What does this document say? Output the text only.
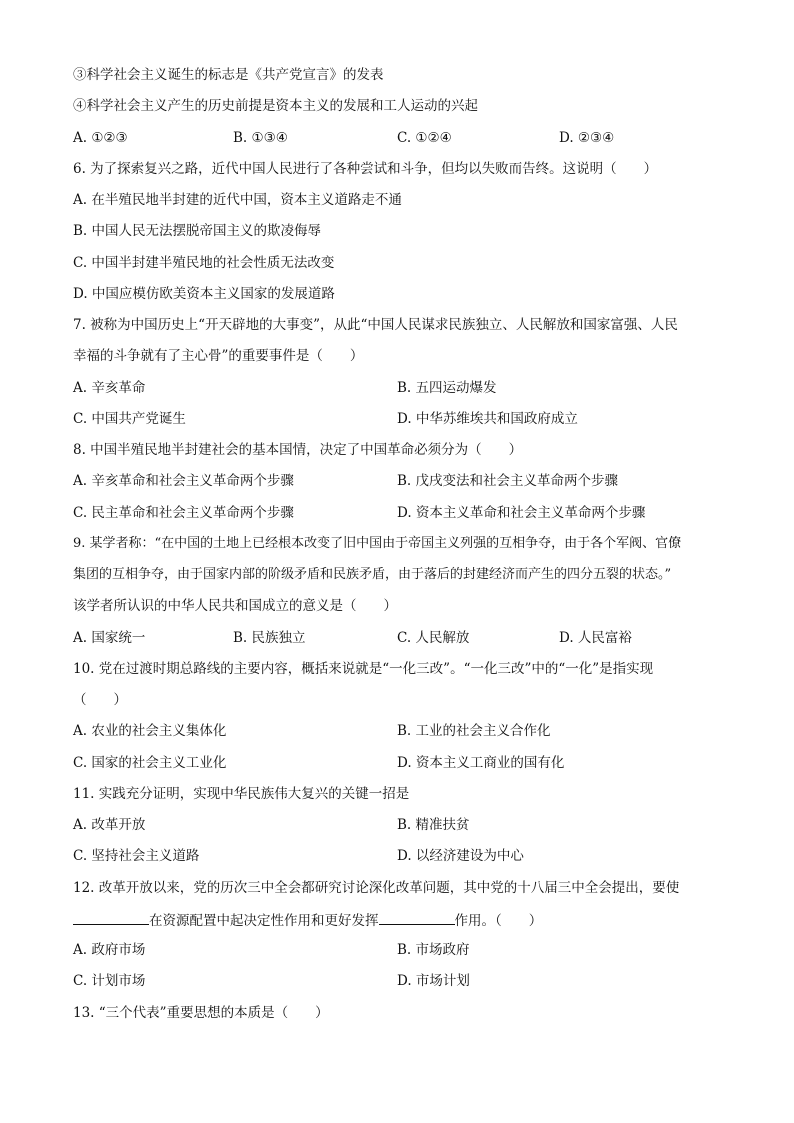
③科学社会主义诞生的标志是《共产党宣言》的发表
④科学社会主义产生的历史前提是资本主义的发展和工人运动的兴起
A. ①②③	B. ①③④	C. ①②④	D. ②③④
6. 为了探索复兴之路，近代中国人民进行了各种尝试和斗争，但均以失败而告终。这说明（　　）
A. 在半殖民地半封建的近代中国，资本主义道路走不通
B. 中国人民无法摆脱帝国主义的欺凌侮辱
C. 中国半封建半殖民地的社会性质无法改变
D. 中国应模仿欧美资本主义国家的发展道路
7. 被称为中国历史上“开天辟地的大事变”，从此“中国人民谋求民族独立、人民解放和国家富强、人民
幸福的斗争就有了主心骨”的重要事件是（　　）
A. 辛亥革命	B. 五四运动爆发
C. 中国共产党诞生	D. 中华苏维埃共和国政府成立
8. 中国半殖民地半封建社会的基本国情，决定了中国革命必须分为（　　）
A. 辛亥革命和社会主义革命两个步骤	B. 戊戌变法和社会主义革命两个步骤
C. 民主革命和社会主义革命两个步骤	D. 资本主义革命和社会主义革命两个步骤
9. 某学者称：“在中国的土地上已经根本改变了旧中国由于帝国主义列强的互相争夺，由于各个军阀、官僚
集团的互相争夺，由于国家内部的阶级矛盾和民族矛盾，由于落后的封建经济而产生的四分五裂的状态。”
该学者所认识的中华人民共和国成立的意义是（　　）
A. 国家统一	B. 民族独立	C. 人民解放	D. 人民富裕
10. 党在过渡时期总路线的主要内容，概括来说就是“一化三改”。“一化三改”中的“一化”是指实现
（　　）
A. 农业的社会主义集体化	B. 工业的社会主义合作化
C. 国家的社会主义工业化	D. 资本主义工商业的国有化
11. 实践充分证明，实现中华民族伟大复兴的关键一招是
A. 改革开放	B. 精准扶贫
C. 坚持社会主义道路	D. 以经济建设为中心
12. 改革开放以来，党的历次三中全会都研究讨论深化改革问题，其中党的十八届三中全会提出，要使
在资源配置中起决定性作用和更好发挥	作用。（　　）
A. 政府市场	B. 市场政府
C. 计划市场	D. 市场计划
13. “三个代表”重要思想的本质是（　　）
